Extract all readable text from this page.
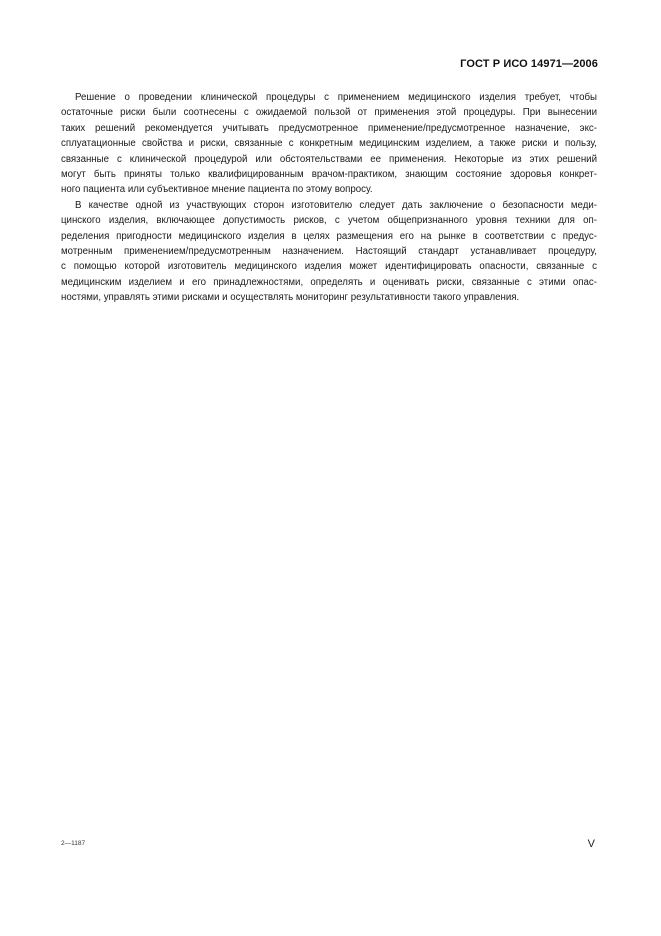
ГОСТ Р ИСО 14971—2006
Решение о проведении клинической процедуры с применением медицинского изделия требует, чтобы
остаточные риски были соотнесены с ожидаемой пользой от применения этой процедуры. При вынесении
таких решений рекомендуется учитывать предусмотренное применение/предусмотренное назначение, экс-
сплуатационные свойства и риски, связанные с конкретным медицинским изделием, а также риски и пользу,
связанные с клинической процедурой или обстоятельствами ее применения. Некоторые из этих решений
могут быть приняты только квалифицированным врачом-практиком, знающим состояние здоровья конкрет-
ного пациента или субъективное мнение пациента по этому вопросу.
В качестве одной из участвующих сторон изготовителю следует дать заключение о безопасности меди-
цинского изделия, включающее допустимость рисков, с учетом общепризнанного уровня техники для оп-
ределения пригодности медицинского изделия в целях размещения его на рынке в соответствии с предус-
мотренным применением/предусмотренным назначением. Настоящий стандарт устанавливает процедуру,
с помощью которой изготовитель медицинского изделия может идентифицировать опасности, связанные с
медицинским изделием и его принадлежностями, определять и оценивать риски, связанные с этими опас-
ностями, управлять этими рисками и осуществлять мониторинг результативности такого управления.
2—1187	V
